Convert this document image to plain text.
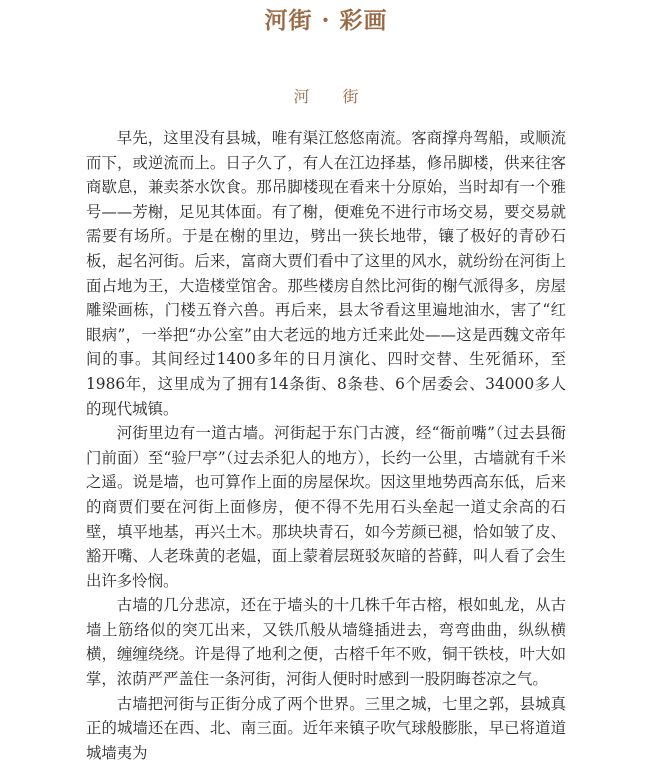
河街 · 彩画
河 街

早先，这里没有县城，唯有渠江悠悠南流。客商撑舟驾船，或顺流而下，或逆流而上。日子久了，有人在江边择基，修吊脚楼，供来往客商歇息，兼卖茶水饮食。那吊脚楼现在看来十分原始，当时却有一个雅号——芳榭，足见其体面。有了榭，便难免不进行市场交易，要交易就需要有场所。于是在榭的里边，劈出一狭长地带，镶了极好的青砂石板，起名河街。后来，富商大贾们看中了这里的风水，就纷纷在河街上面占地为王，大造楼堂馆舍。那些楼房自然比河街的榭气派得多，房屋雕梁画栋，门楼五脊六兽。再后来，县太爷看这里遍地油水，害了“红眼病”，一举把“办公室”由大老远的地方迁来此处——这是西魏文帝年间的事。其间经过1400多年的日月演化、四时交替、生死循环，至1986年，这里成为了拥有14条街、8条巷、6个居委会、34000多人的现代城镇。

河街里边有一道古墙。河街起于东门古渡，经“衙前嘴”（过去县衙门前面）至“验尸亭”（过去杀犯人的地方），长约一公里，古墙就有千米之遥。说是墙，也可算作上面的房屋保坎。因这里地势西高东低，后来的商贾们要在河街上面修房，便不得不先用石头垒起一道丈余高的石壁，填平地基，再兴土木。那块块青石，如今芳颜已褪，恰如皱了皮、豁开嘴、人老珠黄的老媪，面上蒙着层斑驳灰暗的苔藓，叫人看了会生出许多怜悯。

古墙的几分悲凉，还在于墙头的十几株千年古榕，根如虬龙，从古墙上筋络似的突兀出来，又铁爪般从墙缝插进去，弯弯曲曲，纵纵横横，缠缠绕绕。许是得了地利之便，古榕千年不败，铜干铁枝，叶大如掌，浓荫严严盖住一条河街，河街人便时时感到一股阴晦苍凉之气。

古墙把河街与正街分成了两个世界。三里之城，七里之郭，县城真正的城墙还在西、北、南三面。近年来镇子吹气球般膨胀，早已将道道城墙夷为
